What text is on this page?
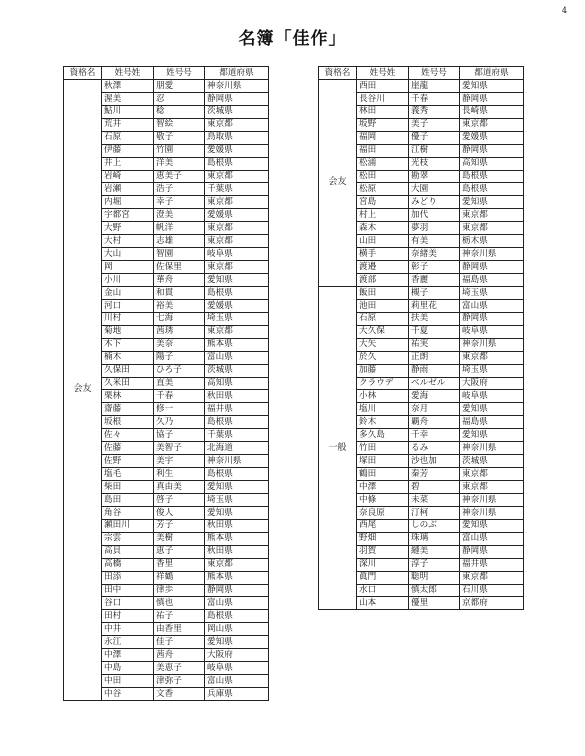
4
名簿「佳作」
資格名	姓号姓	姓号号	都道府県
会友	秋澤	朋愛	神奈川県
	渥美	忍	静岡県
	鮎川	稔	茨城県
	荒井	智絵	東京都
	石原	敬子	鳥取県
	伊藤	竹園	愛媛県
	井上	洋美	島根県
	岩崎	恵美子	東京都
	岩瀬	浩子	千葉県
	内堀	幸子	東京都
	宇都宮	澄美	愛媛県
	大野	帆洋	東京都
	大村	志雄	東京都
	大山	智園	岐阜県
	岡	佐保里	東京都
	小川	華舟	愛知県
	金山	和貫	島根県
	河口	裕美	愛媛県
	川村	七海	埼玉県
	菊地	茜琇	東京都
	木下	美奈	熊本県
	楠木	陽子	富山県
	久保田	ひろ子	茨城県
	久米田	直美	高知県
	栗林	千春	秋田県
	齋藤	修一	福井県
	坂根	久乃	島根県
	佐々	協子	千葉県
	佐藤	美智子	北海道
	佐野	美宇	神奈川県
	塩毛	利生	島根県
	柴田	真由美	愛知県
	島田	啓子	埼玉県
	角谷	俊人	愛知県
	瀬田川	芳子	秋田県
	宗雲	美樹	熊本県
	高貝	恵子	秋田県
	高橋	香里	東京都
	田添	祥鶴	熊本県
	田中	律歩	静岡県
	谷口	慎也	富山県
	田村	祐子	島根県
	中井	由香里	岡山県
	永江	佳子	愛知県
	中澤	茜舟	大阪府
	中島	美恵子	岐阜県
	中田	津弥子	富山県
	中谷	文香	兵庫県
資格名	姓号姓	姓号号	都道府県
会友	西田	崖龍	愛知県
	長谷川	千春	静岡県
	林田	義秀	長崎県
	坂野	美子	東京都
	福岡	優子	愛媛県
	福田	江樹	静岡県
	松浦	光枝	高知県
	松田	勘翠	島根県
	松原	大園	島根県
	宮島	みどり	愛知県
	村上	加代	東京都
	森木	夢羽	東京都
	山田	有美	栃木県
	横手	奈緒美	神奈川県
	渡邉	彰子	静岡県
	渡部	香麗	福島県
一般	飯田	槻子	埼玉県
	池田	莉里花	富山県
	石原	扶美	静岡県
	大久保	千夏	岐阜県
	大矢	祐実	神奈川県
	於久	正朗	東京都
	加藤	静雨	埼玉県
	クラウデ	ベルゼル	大阪府
	小林	愛海	岐阜県
	塩川	奈月	愛知県
	鈴木	覇舟	福島県
	多久島	千幸	愛知県
	竹田	るみ	神奈川県
	塚田	沙也加	茨城県
	鶴田	秦芳	東京都
	中澤	碧	東京都
	中條	未菜	神奈川県
	奈良原	汀柯	神奈川県
	西尾	しのぶ	愛知県
	野畑	珠璃	富山県
	羽賀	縺美	静岡県
	深川	淳子	福井県
	眞門	聡明	東京都
	水口	慎太郎	石川県
	山本	優里	京都府
